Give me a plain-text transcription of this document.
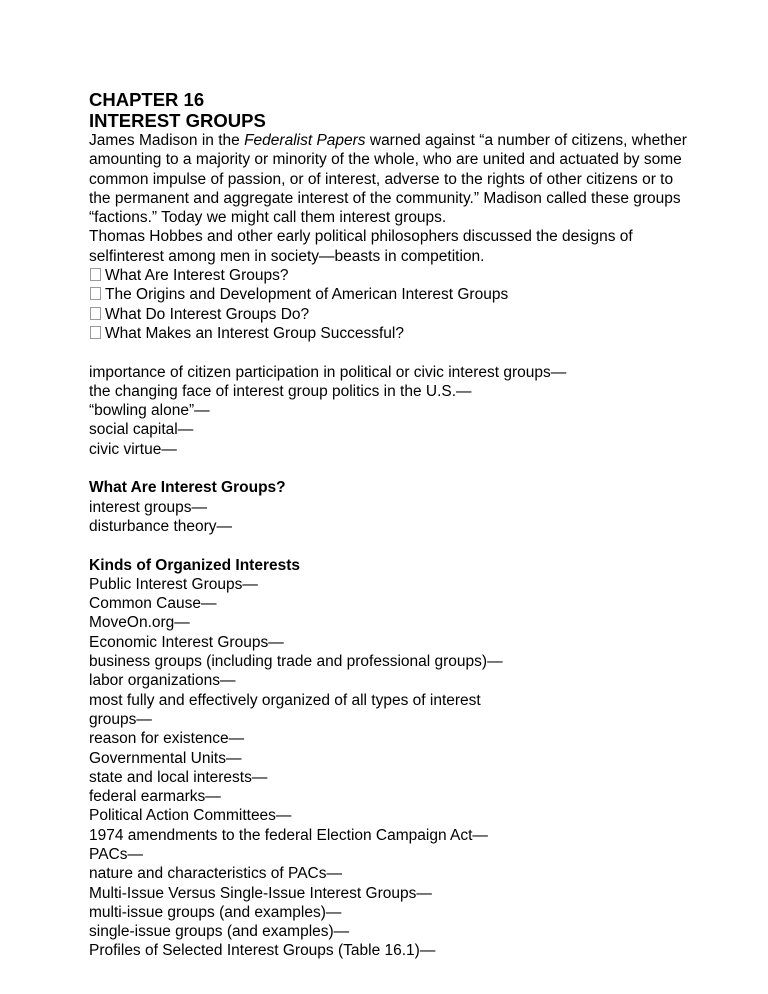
CHAPTER 16
INTEREST GROUPS
James Madison in the Federalist Papers warned against “a number of citizens, whether
amounting to a majority or minority of the whole, who are united and actuated by some
common impulse of passion, or of interest, adverse to the rights of other citizens or to
the permanent and aggregate interest of the community.” Madison called these groups
“factions.” Today we might call them interest groups.
Thomas Hobbes and other early political philosophers discussed the designs of
selfinterest among men in society—beasts in competition.
What Are Interest Groups?
The Origins and Development of American Interest Groups
What Do Interest Groups Do?
What Makes an Interest Group Successful?
importance of citizen participation in political or civic interest groups—
the changing face of interest group politics in the U.S.—
“bowling alone”—
social capital—
civic virtue—
What Are Interest Groups?
interest groups—
disturbance theory—
Kinds of Organized Interests
Public Interest Groups—
Common Cause—
MoveOn.org—
Economic Interest Groups—
business groups (including trade and professional groups)—
labor organizations—
most fully and effectively organized of all types of interest
groups—
reason for existence—
Governmental Units—
state and local interests—
federal earmarks—
Political Action Committees—
1974 amendments to the federal Election Campaign Act—
PACs—
nature and characteristics of PACs—
Multi-Issue Versus Single-Issue Interest Groups—
multi-issue groups (and examples)—
single-issue groups (and examples)—
Profiles of Selected Interest Groups (Table 16.1)—
